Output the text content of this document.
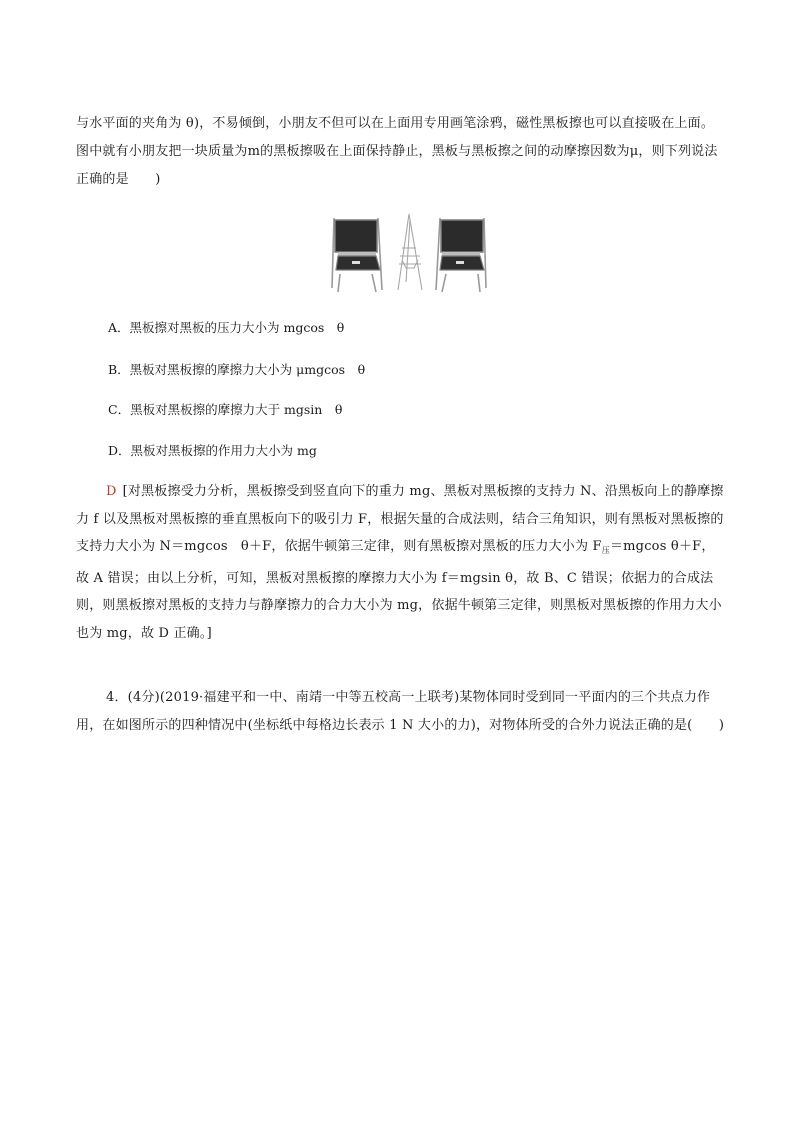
与水平面的夹角为 θ)，不易倾倒，小朋友不但可以在上面用专用画笔涂鸦，磁性黑板擦也可以直接吸在上面。图中就有小朋友把一块质量为m的黑板擦吸在上面保持静止，黑板与黑板擦之间的动摩擦因数为μ，则下列说法正确的是　　)
A．黑板擦对黑板的压力大小为 mgcos　θ
B．黑板对黑板擦的摩擦力大小为 μmgcos　θ
C．黑板对黑板擦的摩擦力大于 mgsin　θ
D．黑板对黑板擦的作用力大小为 mg
D [对黑板擦受力分析，黑板擦受到竖直向下的重力 mg、黑板对黑板擦的支持力 N、沿黑板向上的静摩擦力 f 以及黑板对黑板擦的垂直黑板向下的吸引力 F，根据矢量的合成法则，结合三角知识，则有黑板对黑板擦的支持力大小为 N＝mgcos　θ＋F，依据牛顿第三定律，则有黑板擦对黑板的压力大小为 $F_压=mgcos$ θ＋F，故 A 错误；由以上分析，可知，黑板对黑板擦的摩擦力大小为 f＝mgsin θ，故 B、C 错误；依据力的合成法则，则黑板擦对黑板的支持力与静摩擦力的合力大小为 mg，依据牛顿第三定律，则黑板对黑板擦的作用力大小也为 mg，故 D 正确。]
4．(4分)(2019·福建平和一中、南靖一中等五校高一上联考)某物体同时受到同一平面内的三个共点力作用，在如图所示的四种情况中(坐标纸中每格边长表示 1 N 大小的力)，对物体所受的合外力说法正确的是(　　)
